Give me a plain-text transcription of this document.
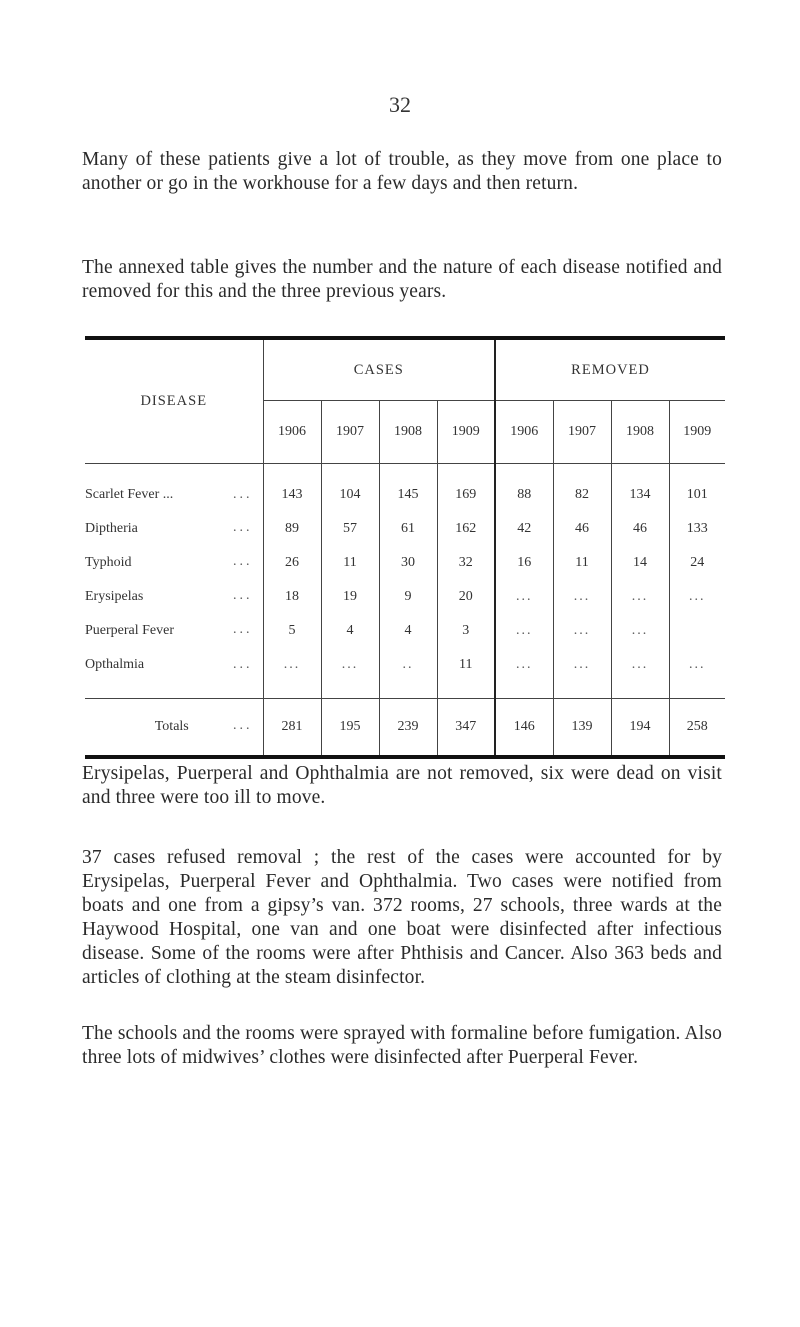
32

Many of these patients give a lot of trouble, as they move from one place to another or go in the workhouse for a few days and then return.

The annexed table gives the number and the nature of each disease notified and removed for this and the three previous years.

DISEASE	CASES				REMOVED			
	1906	1907	1908	1909	1906	1907	1908	1909
Scarlet Fever ... ...	143	104	145	169	88	82	134	101
Diptheria ...	89	57	61	162	42	46	46	133
Typhoid ...	26	11	30	32	16	11	14	24
Erysipelas ...	18	19	9	20	...	...	...	...
Puerperal Fever ...	5	4	4	3	...	...	...	
Opthalmia ...	...	...	..	11	...	...	...	...
Totals ...	281	195	239	347	146	139	194	258

Erysipelas, Puerperal and Ophthalmia are not removed, six were dead on visit and three were too ill to move.

37 cases refused removal ; the rest of the cases were accounted for by Erysipelas, Puerperal Fever and Ophthalmia. Two cases were notified from boats and one from a gipsy’s van. 372 rooms, 27 schools, three wards at the Haywood Hospital, one van and one boat were disinfected after infectious disease. Some of the rooms were after Phthisis and Cancer. Also 363 beds and articles of clothing at the steam disinfector.

The schools and the rooms were sprayed with formaline before fumigation. Also three lots of midwives’ clothes were disinfected after Puerperal Fever.
